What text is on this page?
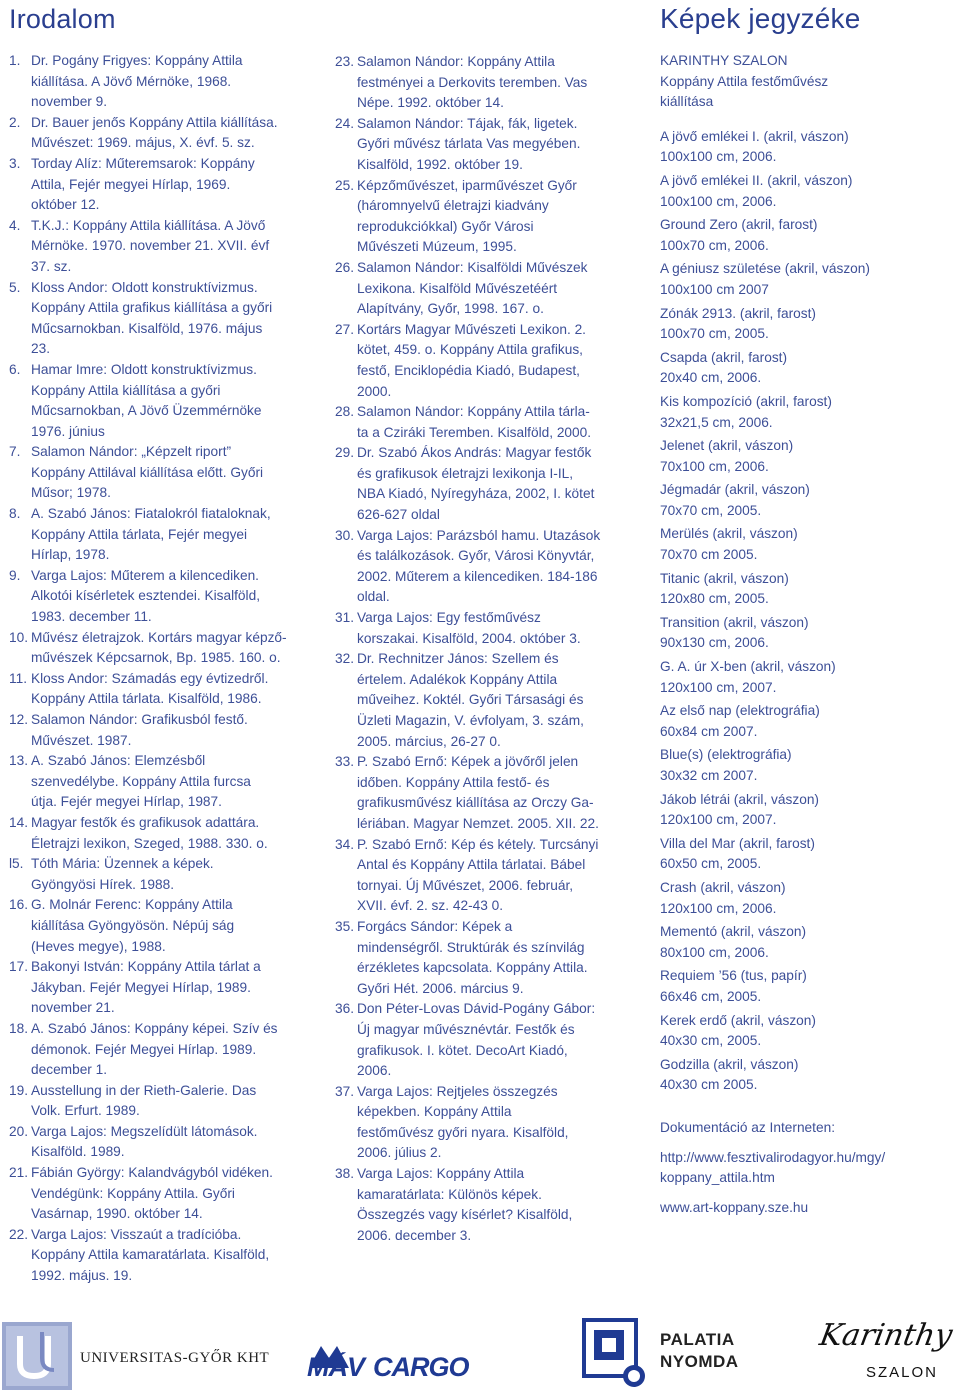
Irodalom
1. Dr. Pogány Frigyes: Koppány Attila
kiállítása. A Jövő Mérnöke, 1968.
november 9.
2. Dr. Bauer jenős Koppány Attila kiállítása.
Művészet: 1969. május, X. évf. 5. sz.
3. Torday Alíz: Műteremsarok: Koppány
Attila, Fejér megyei Hírlap, 1969.
október 12.
4. T.K.J.: Koppány Attila kiállítása. A Jövő
Mérnöke. 1970. november 21. XVII. évf
37. sz.
5. Kloss Andor: Oldott konstruktívizmus.
Koppány Attila grafikus kiállítása a győri
Műcsarnokban. Kisalföld, 1976. május
23.
6. Hamar Imre: Oldott konstruktívizmus.
Koppány Attila kiállítása a győri
Műcsarnokban, A Jövő Üzemmérnöke
1976. június
7. Salamon Nándor: „Képzelt riport”
Koppány Attilával kiállítása előtt. Győri
Műsor; 1978.
8. A. Szabó János: Fiatalokról fiataloknak,
Koppány Attila tárlata, Fejér megyei
Hírlap, 1978.
9. Varga Lajos: Műterem a kilencediken.
Alkotói kísérletek esztendei. Kisalföld,
1983. december 11.
10. Művész életrajzok. Kortárs magyar képző-
művészek Képcsarnok, Bp. 1985. 160. o.
11. Kloss Andor: Számadás egy évtizedről.
Koppány Attila tárlata. Kisalföld, 1986.
12. Salamon Nándor: Grafikusból festő.
Művészet. 1987.
13. A. Szabó János: Elemzésből
szenvedélybe. Koppány Attila furcsa
útja. Fejér megyei Hírlap, 1987.
14. Magyar festők és grafikusok adattára.
Életrajzi lexikon, Szeged, 1988. 330. o.
l5. Tóth Mária: Üzennek a képek.
Gyöngyösi Hírek. 1988.
16. G. Molnár Ferenc: Koppány Attila
kiállítása Gyöngyösön. Népúj ság
(Heves megye), 1988.
17. Bakonyi István: Koppány Attila tárlat a
Jákyban. Fejér Megyei Hírlap, 1989.
november 21.
18. A. Szabó János: Koppány képei. Szív és
démonok. Fejér Megyei Hírlap. 1989.
december 1.
19. Ausstellung in der Rieth-Galerie. Das
Volk. Erfurt. 1989.
20. Varga Lajos: Megszelídült látomások.
Kisalföld. 1989.
21. Fábián György: Kalandvágyból vidéken.
Vendégünk: Koppány Attila. Győri
Vasárnap, 1990. október 14.
22. Varga Lajos: Visszaút a tradícióba.
Koppány Attila kamaratárlata. Kisalföld,
1992. május. 19.
23. Salamon Nándor: Koppány Attila
festményei a Derkovits teremben. Vas
Népe. 1992. október 14.
24. Salamon Nándor: Tájak, fák, ligetek.
Győri művész tárlata Vas megyében.
Kisalföld, 1992. október 19.
25. Képzőművészet, iparművészet Győr
(háromnyelvű életrajzi kiadvány
reprodukciókkal) Győr Városi
Művészeti Múzeum, 1995.
26. Salamon Nándor: Kisalföldi Művészek
Lexikona. Kisalföld Művészetéért
Alapítvány, Győr, 1998. 167. o.
27. Kortárs Magyar Művészeti Lexikon. 2.
kötet, 459. o. Koppány Attila grafikus,
festő, Enciklopédia Kiadó, Budapest,
2000.
28. Salamon Nándor: Koppány Attila tárla-
ta a Cziráki Teremben. Kisalföld, 2000.
29. Dr. Szabó Ákos András: Magyar festők
és grafikusok életrajzi lexikonja I-IL,
NBA Kiadó, Nyíregyháza, 2002, I. kötet
626-627 oldal
30. Varga Lajos: Parázsból hamu. Utazások
és találkozások. Győr, Városi Könyvtár,
2002. Műterem a kilencediken. 184-186
oldal.
31. Varga Lajos: Egy festőművész
korszakai. Kisalföld, 2004. október 3.
32. Dr. Rechnitzer János: Szellem és
értelem. Adalékok Koppány Attila
műveihez. Koktél. Győri Társasági és
Üzleti Magazin, V. évfolyam, 3. szám,
2005. március, 26-27 0.
33. P. Szabó Ernő: Képek a jövőről jelen
időben. Koppány Attila festő- és
grafikusművész kiállítása az Orczy Ga-
lériában. Magyar Nemzet. 2005. XII. 22.
34. P. Szabó Ernő: Kép és kétely. Turcsányi
Antal és Koppány Attila tárlatai. Bábel
tornyai. Új Művészet, 2006. február,
XVII. évf. 2. sz. 42-43 0.
35. Forgács Sándor: Képek a
mindenségről. Struktúrák és színvilág
érzékletes kapcsolata. Koppány Attila.
Győri Hét. 2006. március 9.
36. Don Péter-Lovas Dávid-Pogány Gábor:
Új magyar művésznévtár. Festők és
grafikusok. I. kötet. DecoArt Kiadó,
2006.
37. Varga Lajos: Rejtjeles összegzés
képekben. Koppány Attila
festőművész győri nyara. Kisalföld,
2006. július 2.
38. Varga Lajos: Koppány Attila
kamaratárlata: Különös képek.
Összegzés vagy kísérlet? Kisalföld,
2006. december 3.
Képek jegyzéke

KARINTHY SZALON

Koppány Attila festőművész

kiállítása

A jövő emlékei I. (akril, vászon)

100x100 cm, 2006.

A jövő emlékei II. (akril, vászon)

100x100 cm, 2006.

Ground Zero (akril, farost)

100x70 cm, 2006.

A géniusz születése (akril, vászon)

100x100 cm 2007

Zónák 2913. (akril, farost)

100x70 cm, 2005.

Csapda (akril, farost)

20x40 cm, 2006.

Kis kompozíció (akril, farost)

32x21,5 cm, 2006.

Jelenet (akril, vászon)

70x100 cm, 2006.

Jégmadár (akril, vászon)

70x70 cm, 2005.

Merülés (akril, vászon)

70x70 cm 2005.

Titanic (akril, vászon)

120x80 cm, 2005.

Transition (akril, vászon)

90x130 cm, 2006.

G. A. úr X-ben (akril, vászon)

120x100 cm, 2007.

Az első nap (elektrográfia)

60x84 cm 2007.

Blue(s) (elektrográfia)

30x32 cm 2007.

Jákob létrái (akril, vászon)

120x100 cm, 2007.

Villa del Mar (akril, farost)

60x50 cm, 2005.

Crash (akril, vászon)

120x100 cm, 2006.

Mementó (akril, vászon)

80x100 cm, 2006.

Requiem ’56 (tus, papír)

66x46 cm, 2005.

Kerek erdő (akril, vászon)

40x30 cm, 2005.

Godzilla (akril, vászon)

40x30 cm 2005.

Dokumentáció az Interneten:

http://www.fesztivalirodagyor.hu/mgy/

koppany_attila.htm

www.art-koppany.sze.hu

UNIVERSITAS-GYŐR KHT MÁV CARGO
PALATIA
NYOMDA
Karinthy
SZALON
